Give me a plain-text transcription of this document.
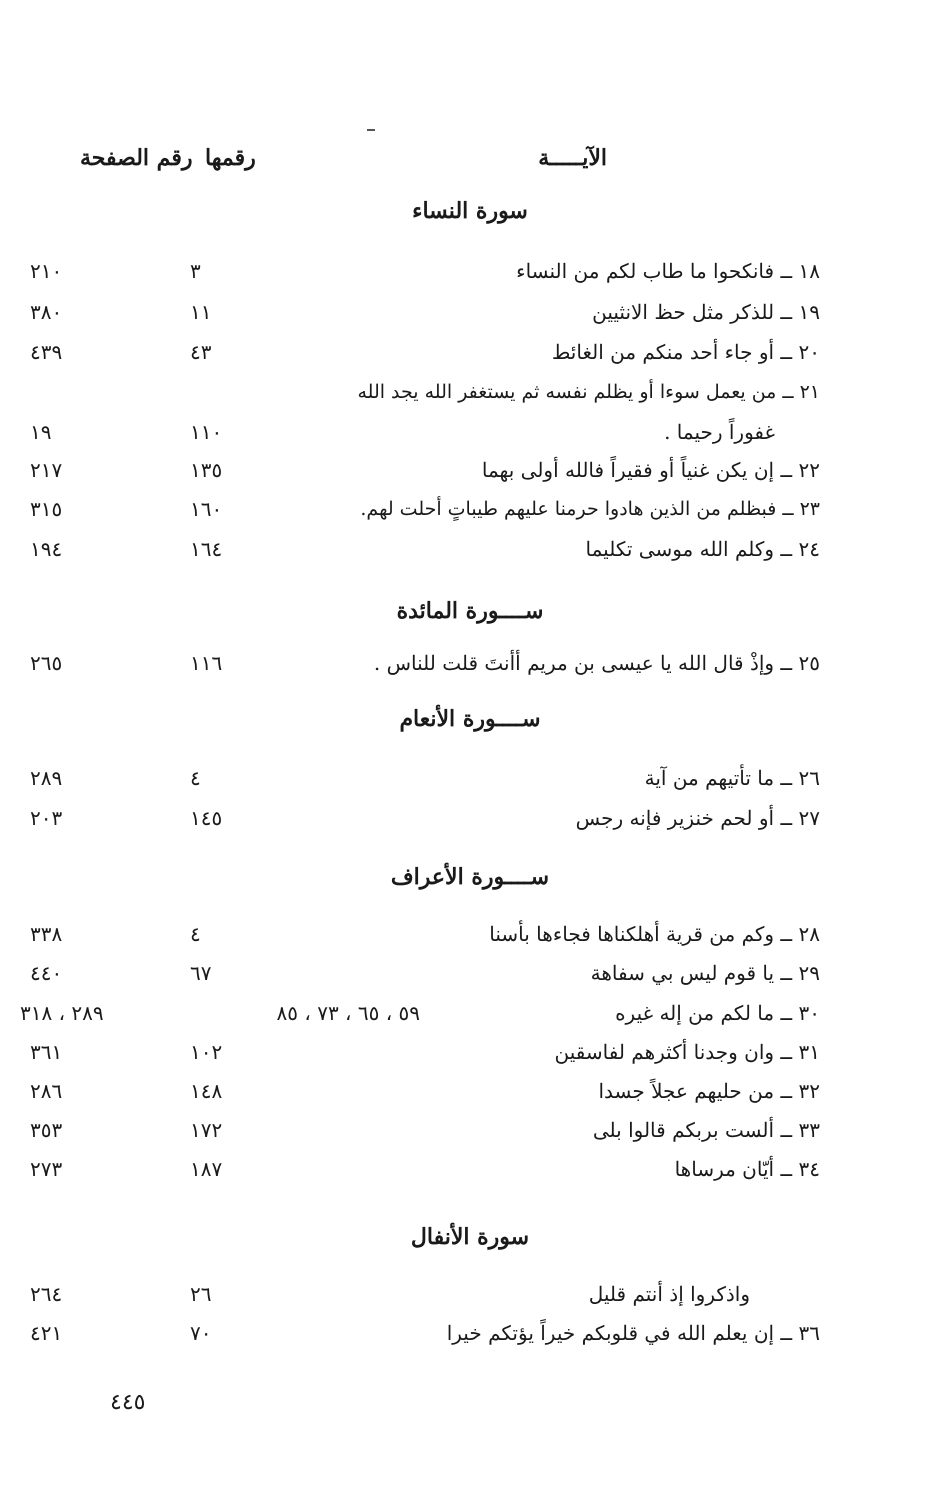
الآيـــــة
رقمها
رقم الصفحة
سورة النساء
١٨ ــ فانكحوا ما طاب لكم من النساء
٣
٢١٠
١٩ ــ للذكر مثل حظ الانثيين
١١
٣٨٠
٢٠ ــ أو جاء أحد منكم من الغائط
٤٣
٤٣٩
٢١ ــ من يعمل سوءا أو يظلم نفسه ثم يستغفر الله يجد الله
غفوراً رحيما .
١١٠
١٩
٢٢ ــ إن يكن غنياً أو فقيراً فالله أولى بهما
١٣٥
٢١٧
٢٣ ــ فبظلم من الذين هادوا حرمنا عليهم طيباتٍ أحلت لهم.
١٦٠
٣١٥
٢٤ ــ وكلم الله موسى تكليما
١٦٤
١٩٤
ســــورة المائدة
٢٥ ــ وإذْ قال الله يا عيسى بن مريم أأنتَ قلت للناس .
١١٦
٢٦٥
ســــورة الأنعام
٢٦ ــ ما تأتيهم من آية
٤
٢٨٩
٢٧ ــ أو لحم خنزير فإنه رجس
١٤٥
٢٠٣
ســــورة الأعراف
٢٨ ــ وكم من قرية أهلكناها فجاءها بأسنا
٤
٣٣٨
٢٩ ــ يا قوم ليس بي سفاهة
٦٧
٤٤٠
٣٠ ــ ما لكم من إله غيره
٥٩ ، ٦٥ ، ٧٣ ، ٨٥
٢٨٩ ، ٣١٨
٣١ ــ وان وجدنا أكثرهم لفاسقين
١٠٢
٣٦١
٣٢ ــ من حليهم عجلاً جسدا
١٤٨
٢٨٦
٣٣ ــ ألست بربكم قالوا بلى
١٧٢
٣٥٣
٣٤ ــ أيّان مرساها
١٨٧
٢٧٣
سورة الأنفال
واذكروا إذ أنتم قليل
٢٦
٢٦٤
٣٦ ــ إن يعلم الله في قلوبكم خيراً يؤتكم خيرا
٧٠
٤٢١
٤٤٥
